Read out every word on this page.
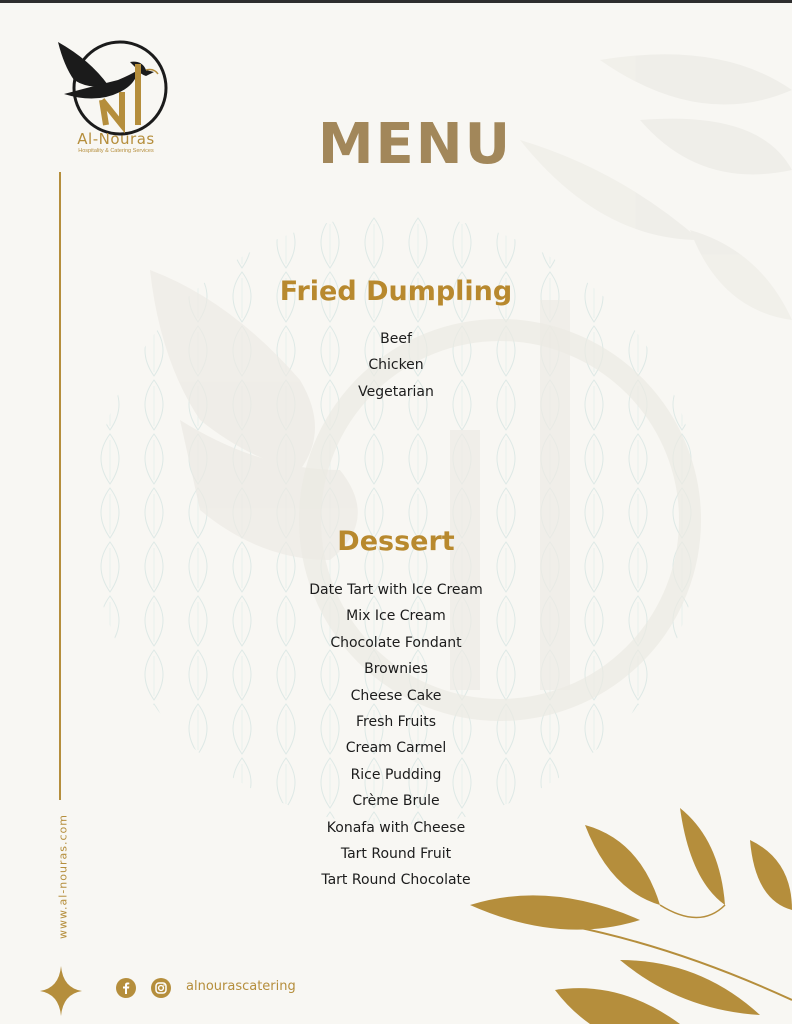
Al-Nouras
Hospitality & Catering Services
www.al-nouras.com
MENU
Fried Dumpling
Beef
Chicken
Vegetarian
Dessert
Date Tart with Ice Cream
Mix Ice Cream
Chocolate Fondant
Brownies
Cheese Cake
Fresh Fruits
Cream Carmel
Rice Pudding
Crème Brule
Konafa with Cheese
Tart Round Fruit
Tart Round Chocolate
alnourascatering
